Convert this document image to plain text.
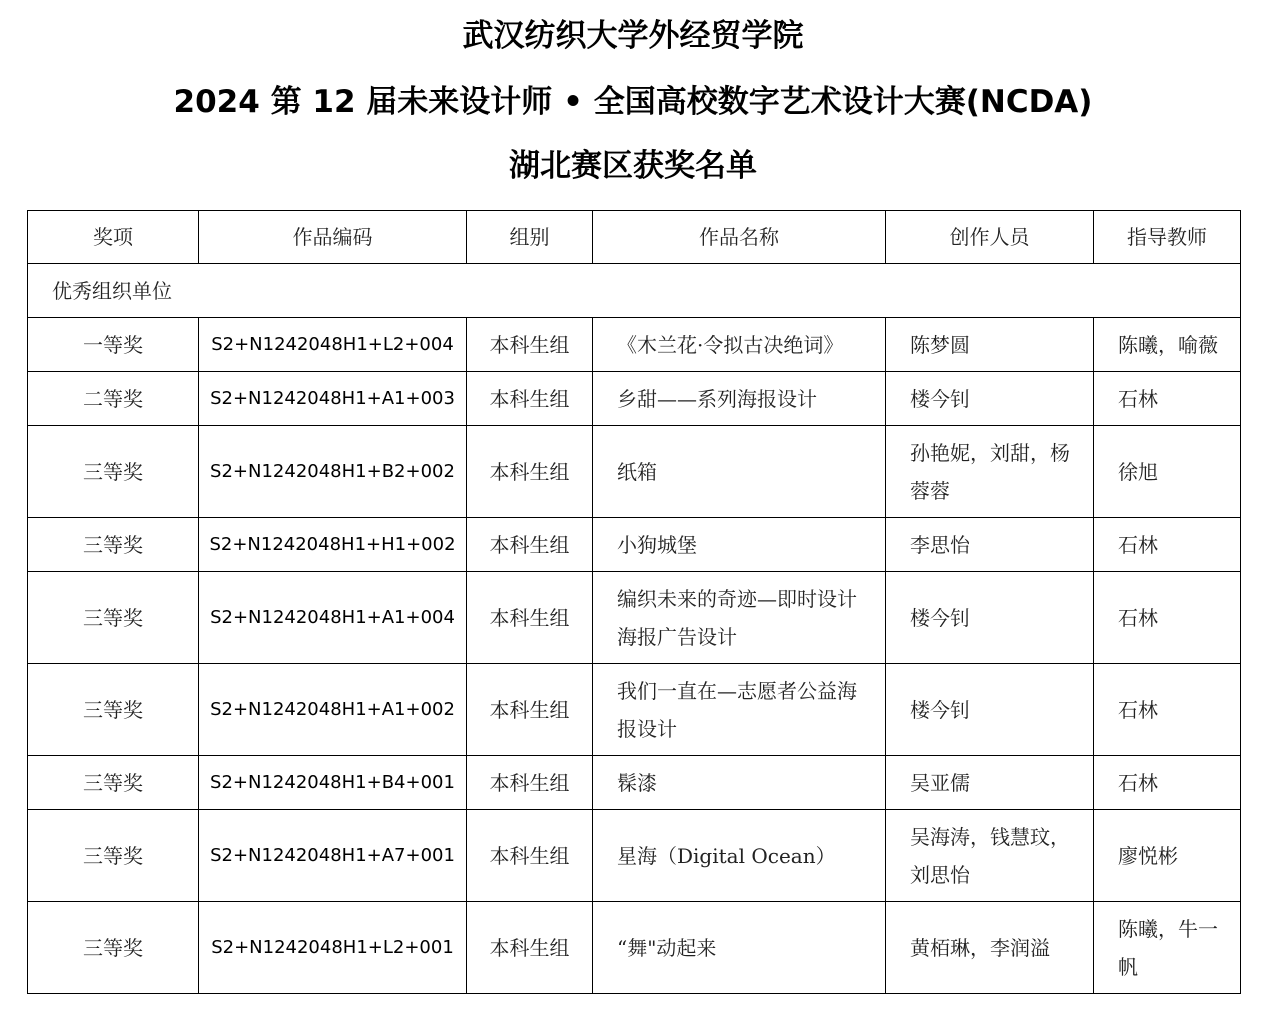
武汉纺织大学外经贸学院
2024 第 12 届未来设计师 • 全国高校数字艺术设计大赛(NCDA)
湖北赛区获奖名单
奖项	作品编码	组别	作品名称	创作人员	指导教师
优秀组织单位					
一等奖	S2+N1242048H1+L2+004	本科生组	《木兰花·令拟古决绝词》	陈梦圆	陈曦，喻薇
二等奖	S2+N1242048H1+A1+003	本科生组	乡甜——系列海报设计	楼今钊	石林
三等奖	S2+N1242048H1+B2+002	本科生组	纸箱	孙艳妮，刘甜，杨蓉蓉	徐旭
三等奖	S2+N1242048H1+H1+002	本科生组	小狗城堡	李思怡	石林
三等奖	S2+N1242048H1+A1+004	本科生组	编织未来的奇迹—即时设计海报广告设计	楼今钊	石林
三等奖	S2+N1242048H1+A1+002	本科生组	我们一直在—志愿者公益海报设计	楼今钊	石林
三等奖	S2+N1242048H1+B4+001	本科生组	髹漆	吴亚儒	石林
三等奖	S2+N1242048H1+A7+001	本科生组	星海（Digital Ocean）	吴海涛，钱慧玟，刘思怡	廖悦彬
三等奖	S2+N1242048H1+L2+001	本科生组	“舞"动起来	黄栢琳，李润溢	陈曦，牛一帆
